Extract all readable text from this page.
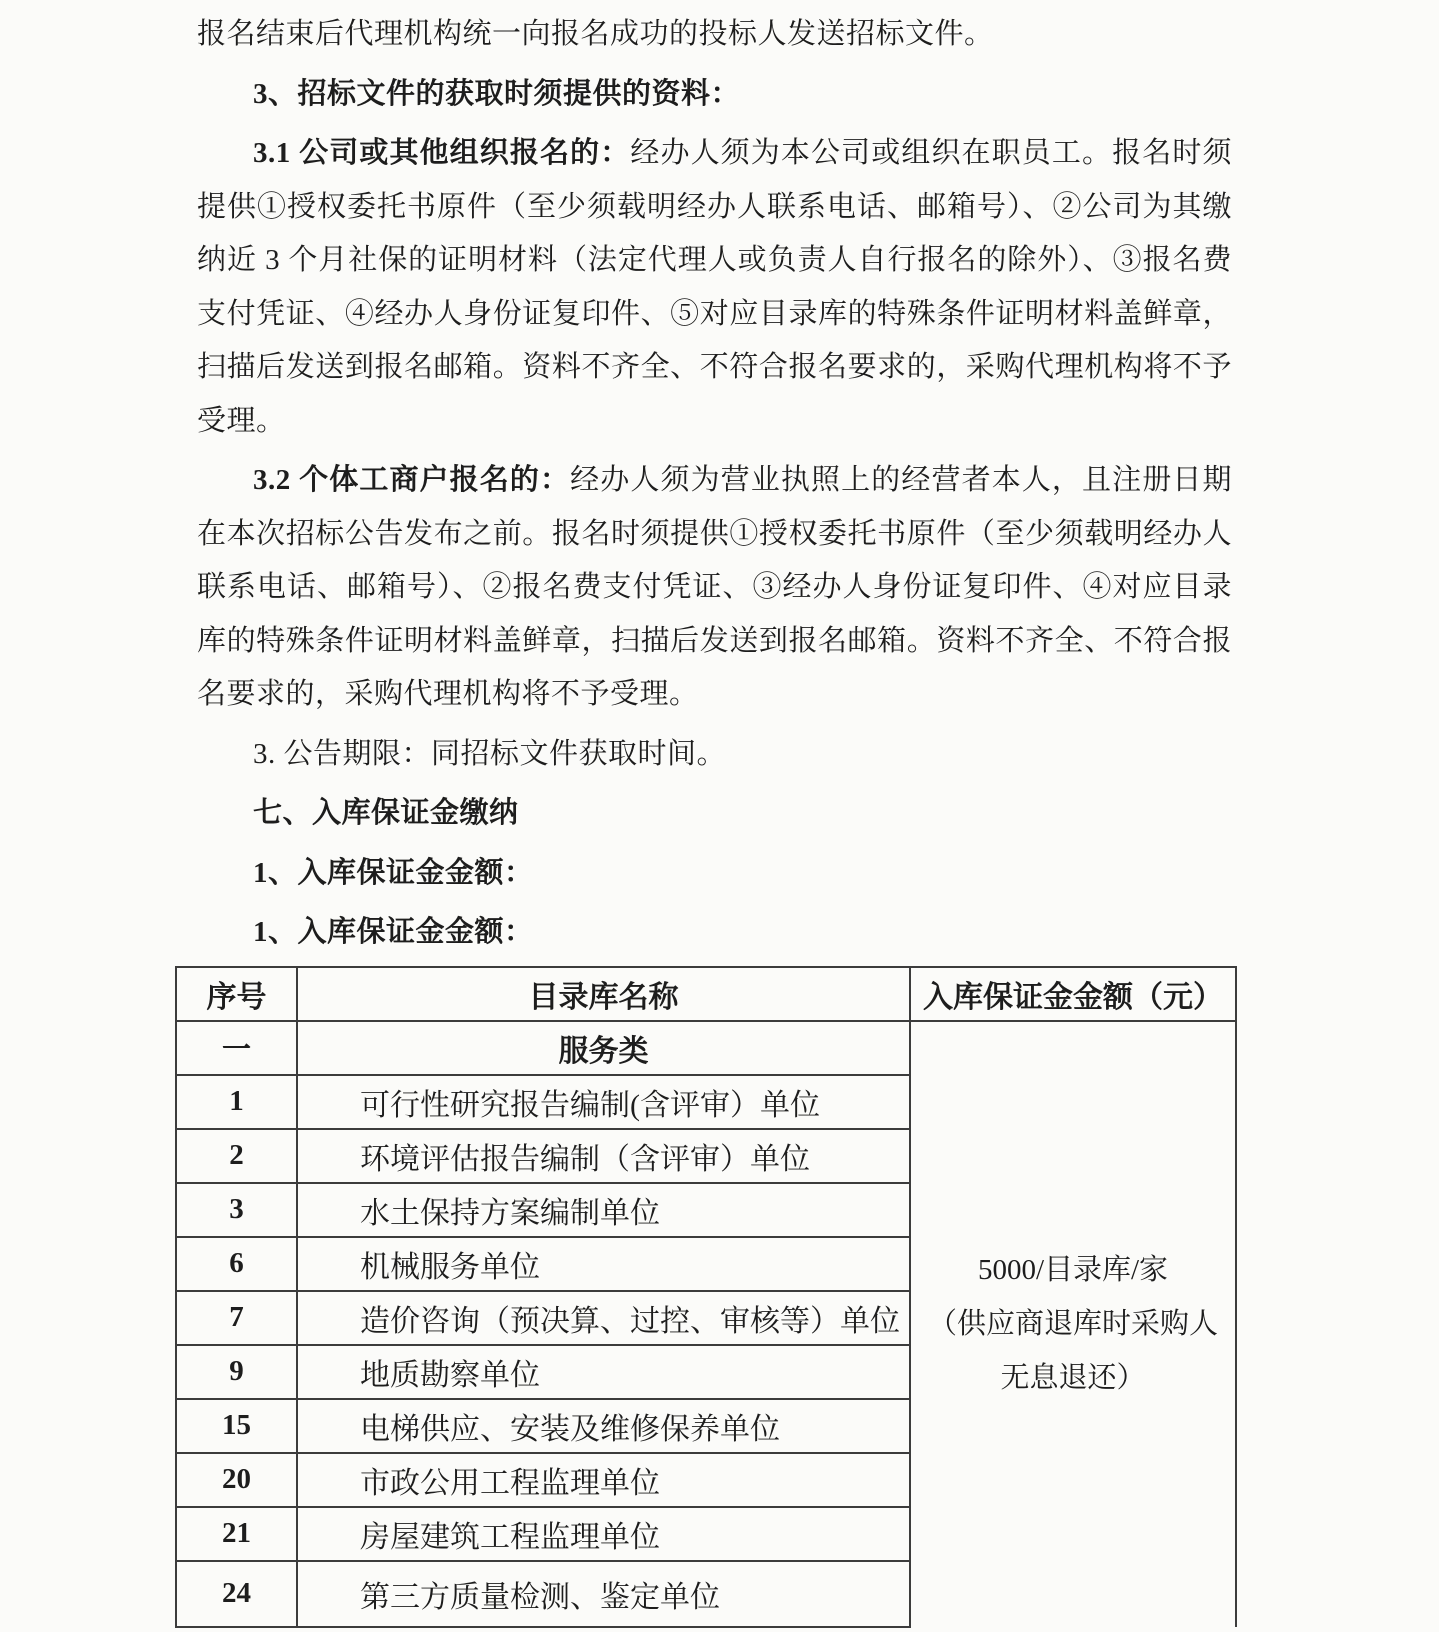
报名结束后代理机构统一向报名成功的投标人发送招标文件。
3、招标文件的获取时须提供的资料：
3.1 公司或其他组织报名的：经办人须为本公司或组织在职员工。报名时须
提供①授权委托书原件（至少须载明经办人联系电话、邮箱号）、②公司为其缴
纳近 3 个月社保的证明材料（法定代理人或负责人自行报名的除外）、③报名费
支付凭证、④经办人身份证复印件、⑤对应目录库的特殊条件证明材料盖鲜章，
扫描后发送到报名邮箱。资料不齐全、不符合报名要求的，采购代理机构将不予
受理。
3.2 个体工商户报名的：经办人须为营业执照上的经营者本人，且注册日期
在本次招标公告发布之前。报名时须提供①授权委托书原件（至少须载明经办人
联系电话、邮箱号）、②报名费支付凭证、③经办人身份证复印件、④对应目录
库的特殊条件证明材料盖鲜章，扫描后发送到报名邮箱。资料不齐全、不符合报
名要求的，采购代理机构将不予受理。
3. 公告期限：同招标文件获取时间。
七、入库保证金缴纳
1、入库保证金金额：
1、入库保证金金额：
序号	目录库名称	入库保证金金额（元）
一	服务类	5000/目录库/家
（供应商退库时采购人
无息退还）

1	可行性研究报告编制(含评审）单位	
2	环境评估报告编制（含评审）单位	
3	水土保持方案编制单位	
6	机械服务单位	
7	造价咨询（预决算、过控、审核等）单位	
9	地质勘察单位	
15	电梯供应、安装及维修保养单位	
20	市政公用工程监理单位	
21	房屋建筑工程监理单位	
24	第三方质量检测、鉴定单位	
